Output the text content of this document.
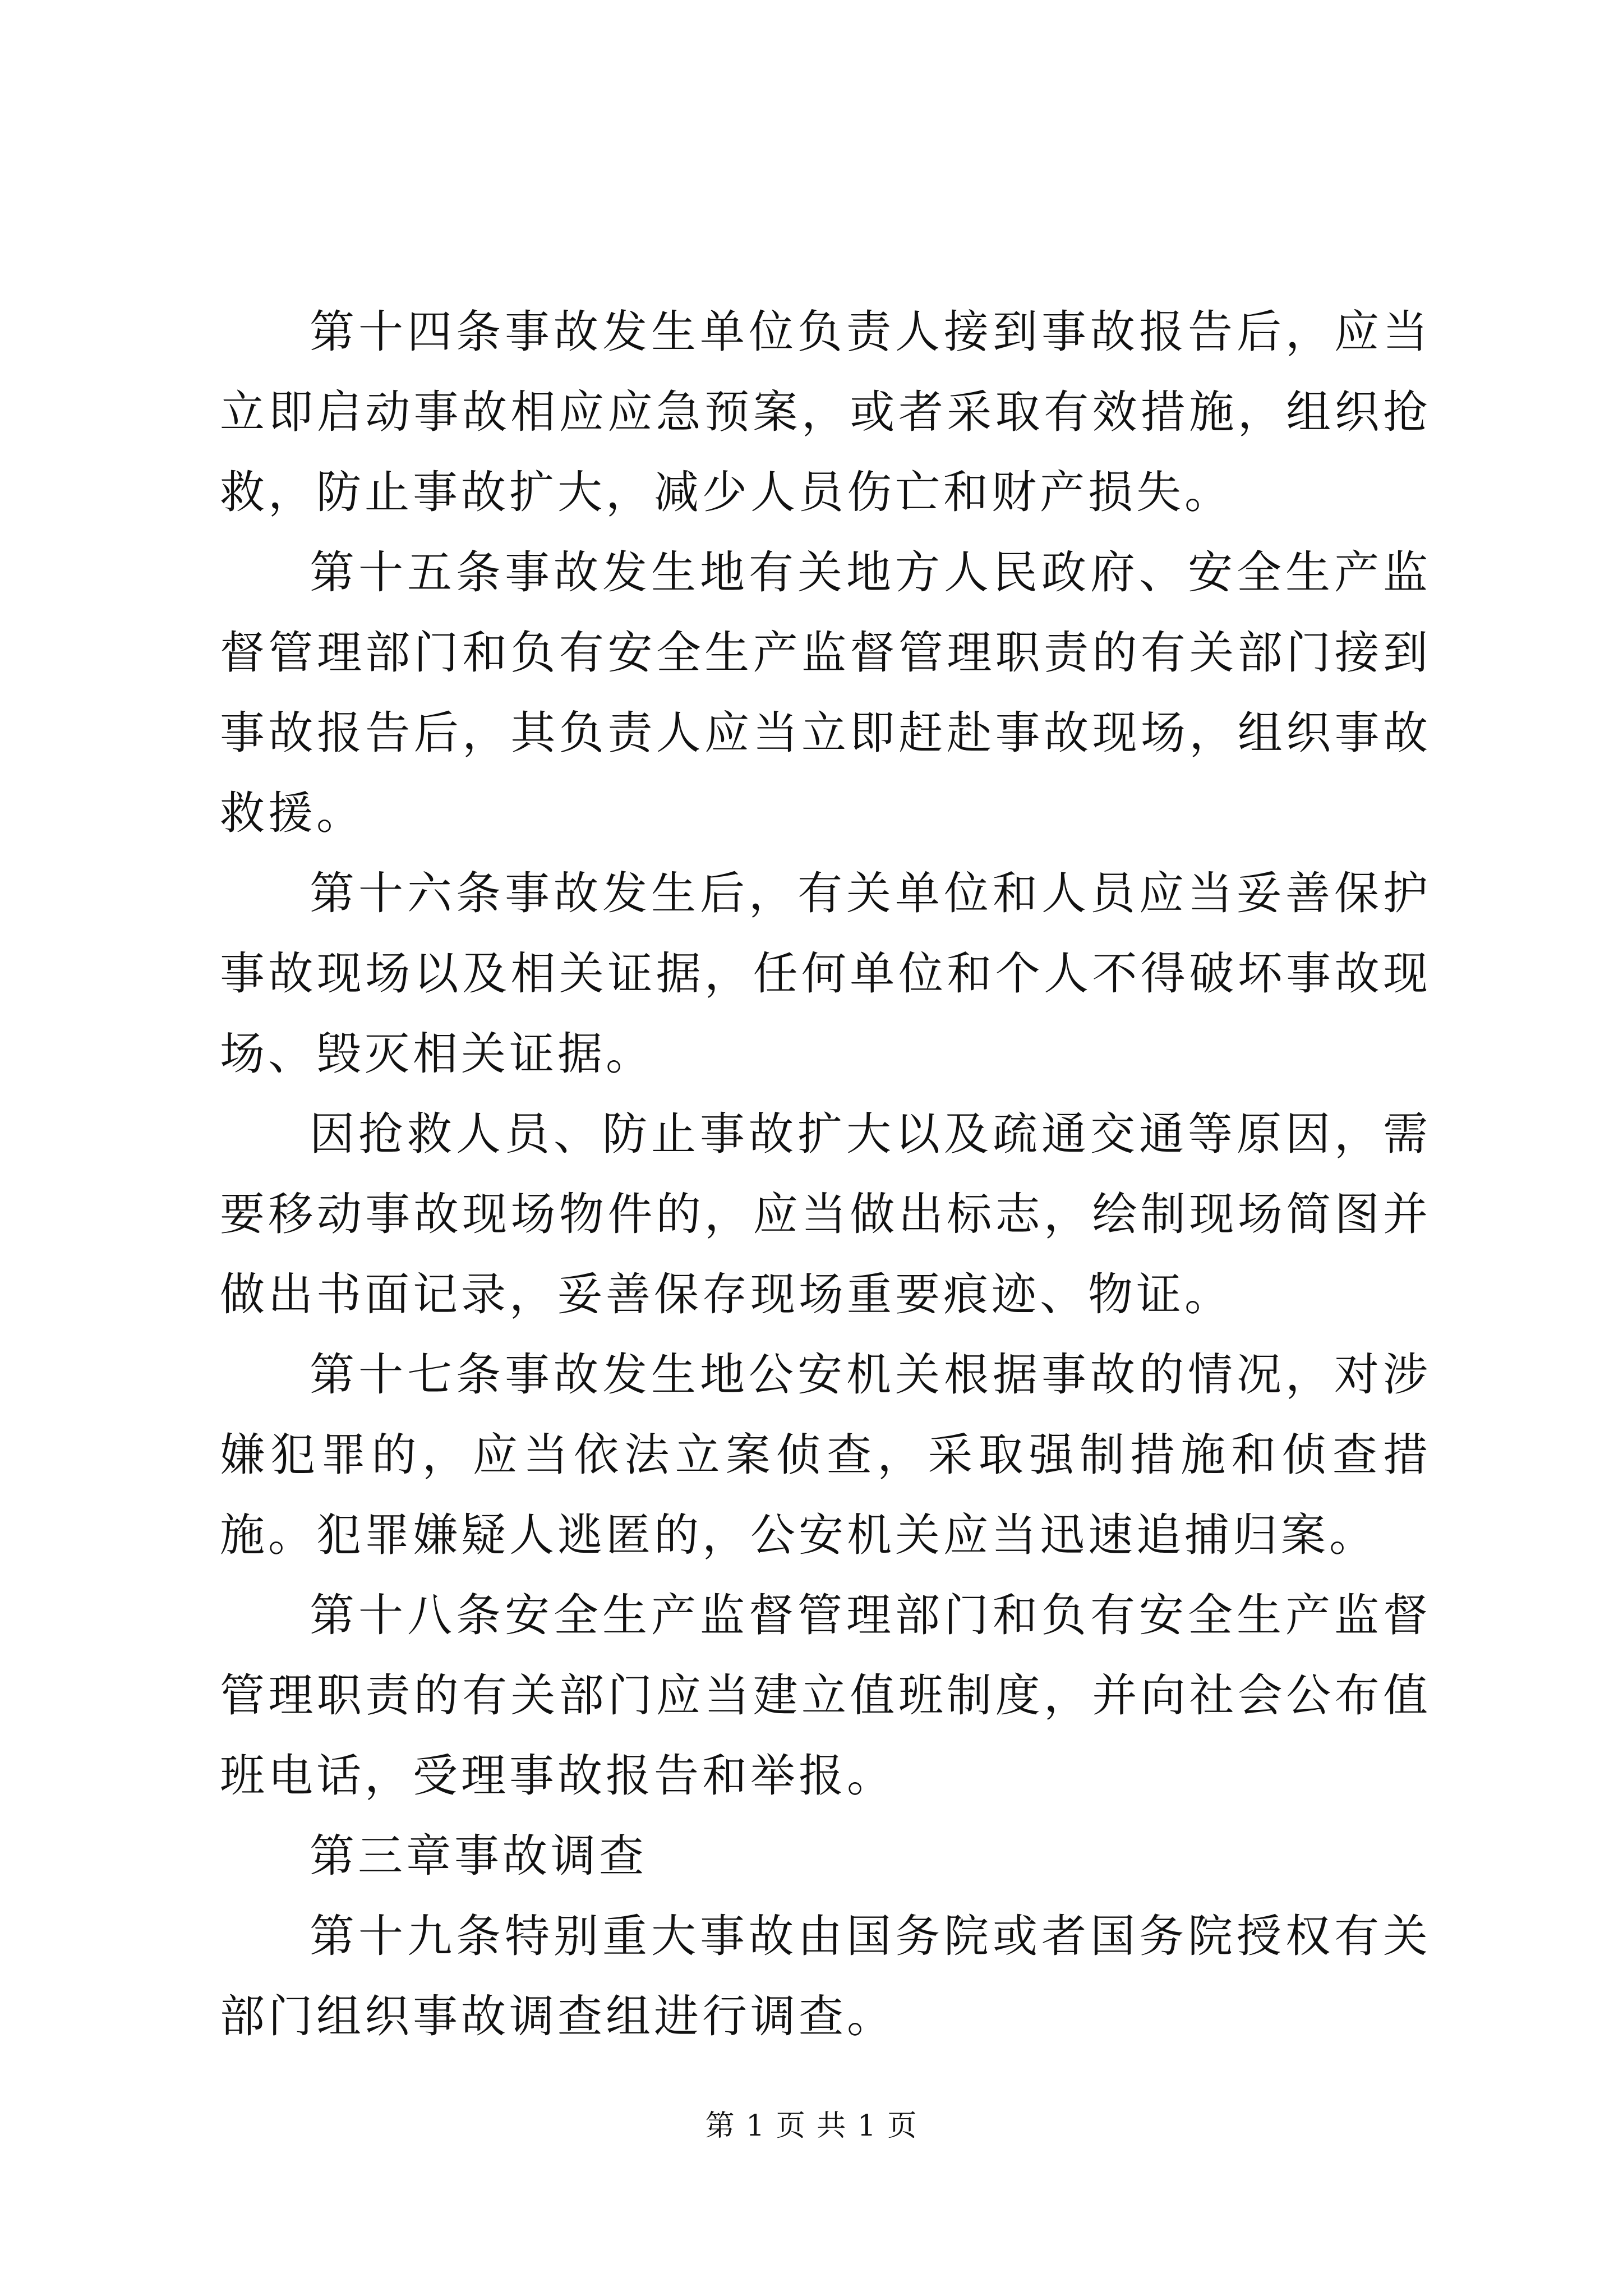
第十四条事故发生单位负责人接到事故报告后，应当立即启动事故相应应急预案，或者采取有效措施，组织抢救，防止事故扩大，减少人员伤亡和财产损失。

第十五条事故发生地有关地方人民政府、安全生产监督管理部门和负有安全生产监督管理职责的有关部门接到事故报告后，其负责人应当立即赶赴事故现场，组织事故救援。

第十六条事故发生后，有关单位和人员应当妥善保护事故现场以及相关证据，任何单位和个人不得破坏事故现场、毁灭相关证据。

因抢救人员、防止事故扩大以及疏通交通等原因，需要移动事故现场物件的，应当做出标志，绘制现场简图并做出书面记录，妥善保存现场重要痕迹、物证。

第十七条事故发生地公安机关根据事故的情况，对涉嫌犯罪的，应当依法立案侦查，采取强制措施和侦查措施。犯罪嫌疑人逃匿的，公安机关应当迅速追捕归案。

第十八条安全生产监督管理部门和负有安全生产监督管理职责的有关部门应当建立值班制度，并向社会公布值班电话，受理事故报告和举报。

第三章事故调查

第十九条特别重大事故由国务院或者国务院授权有关部门组织事故调查组进行调查。

第 1 页 共 1 页
